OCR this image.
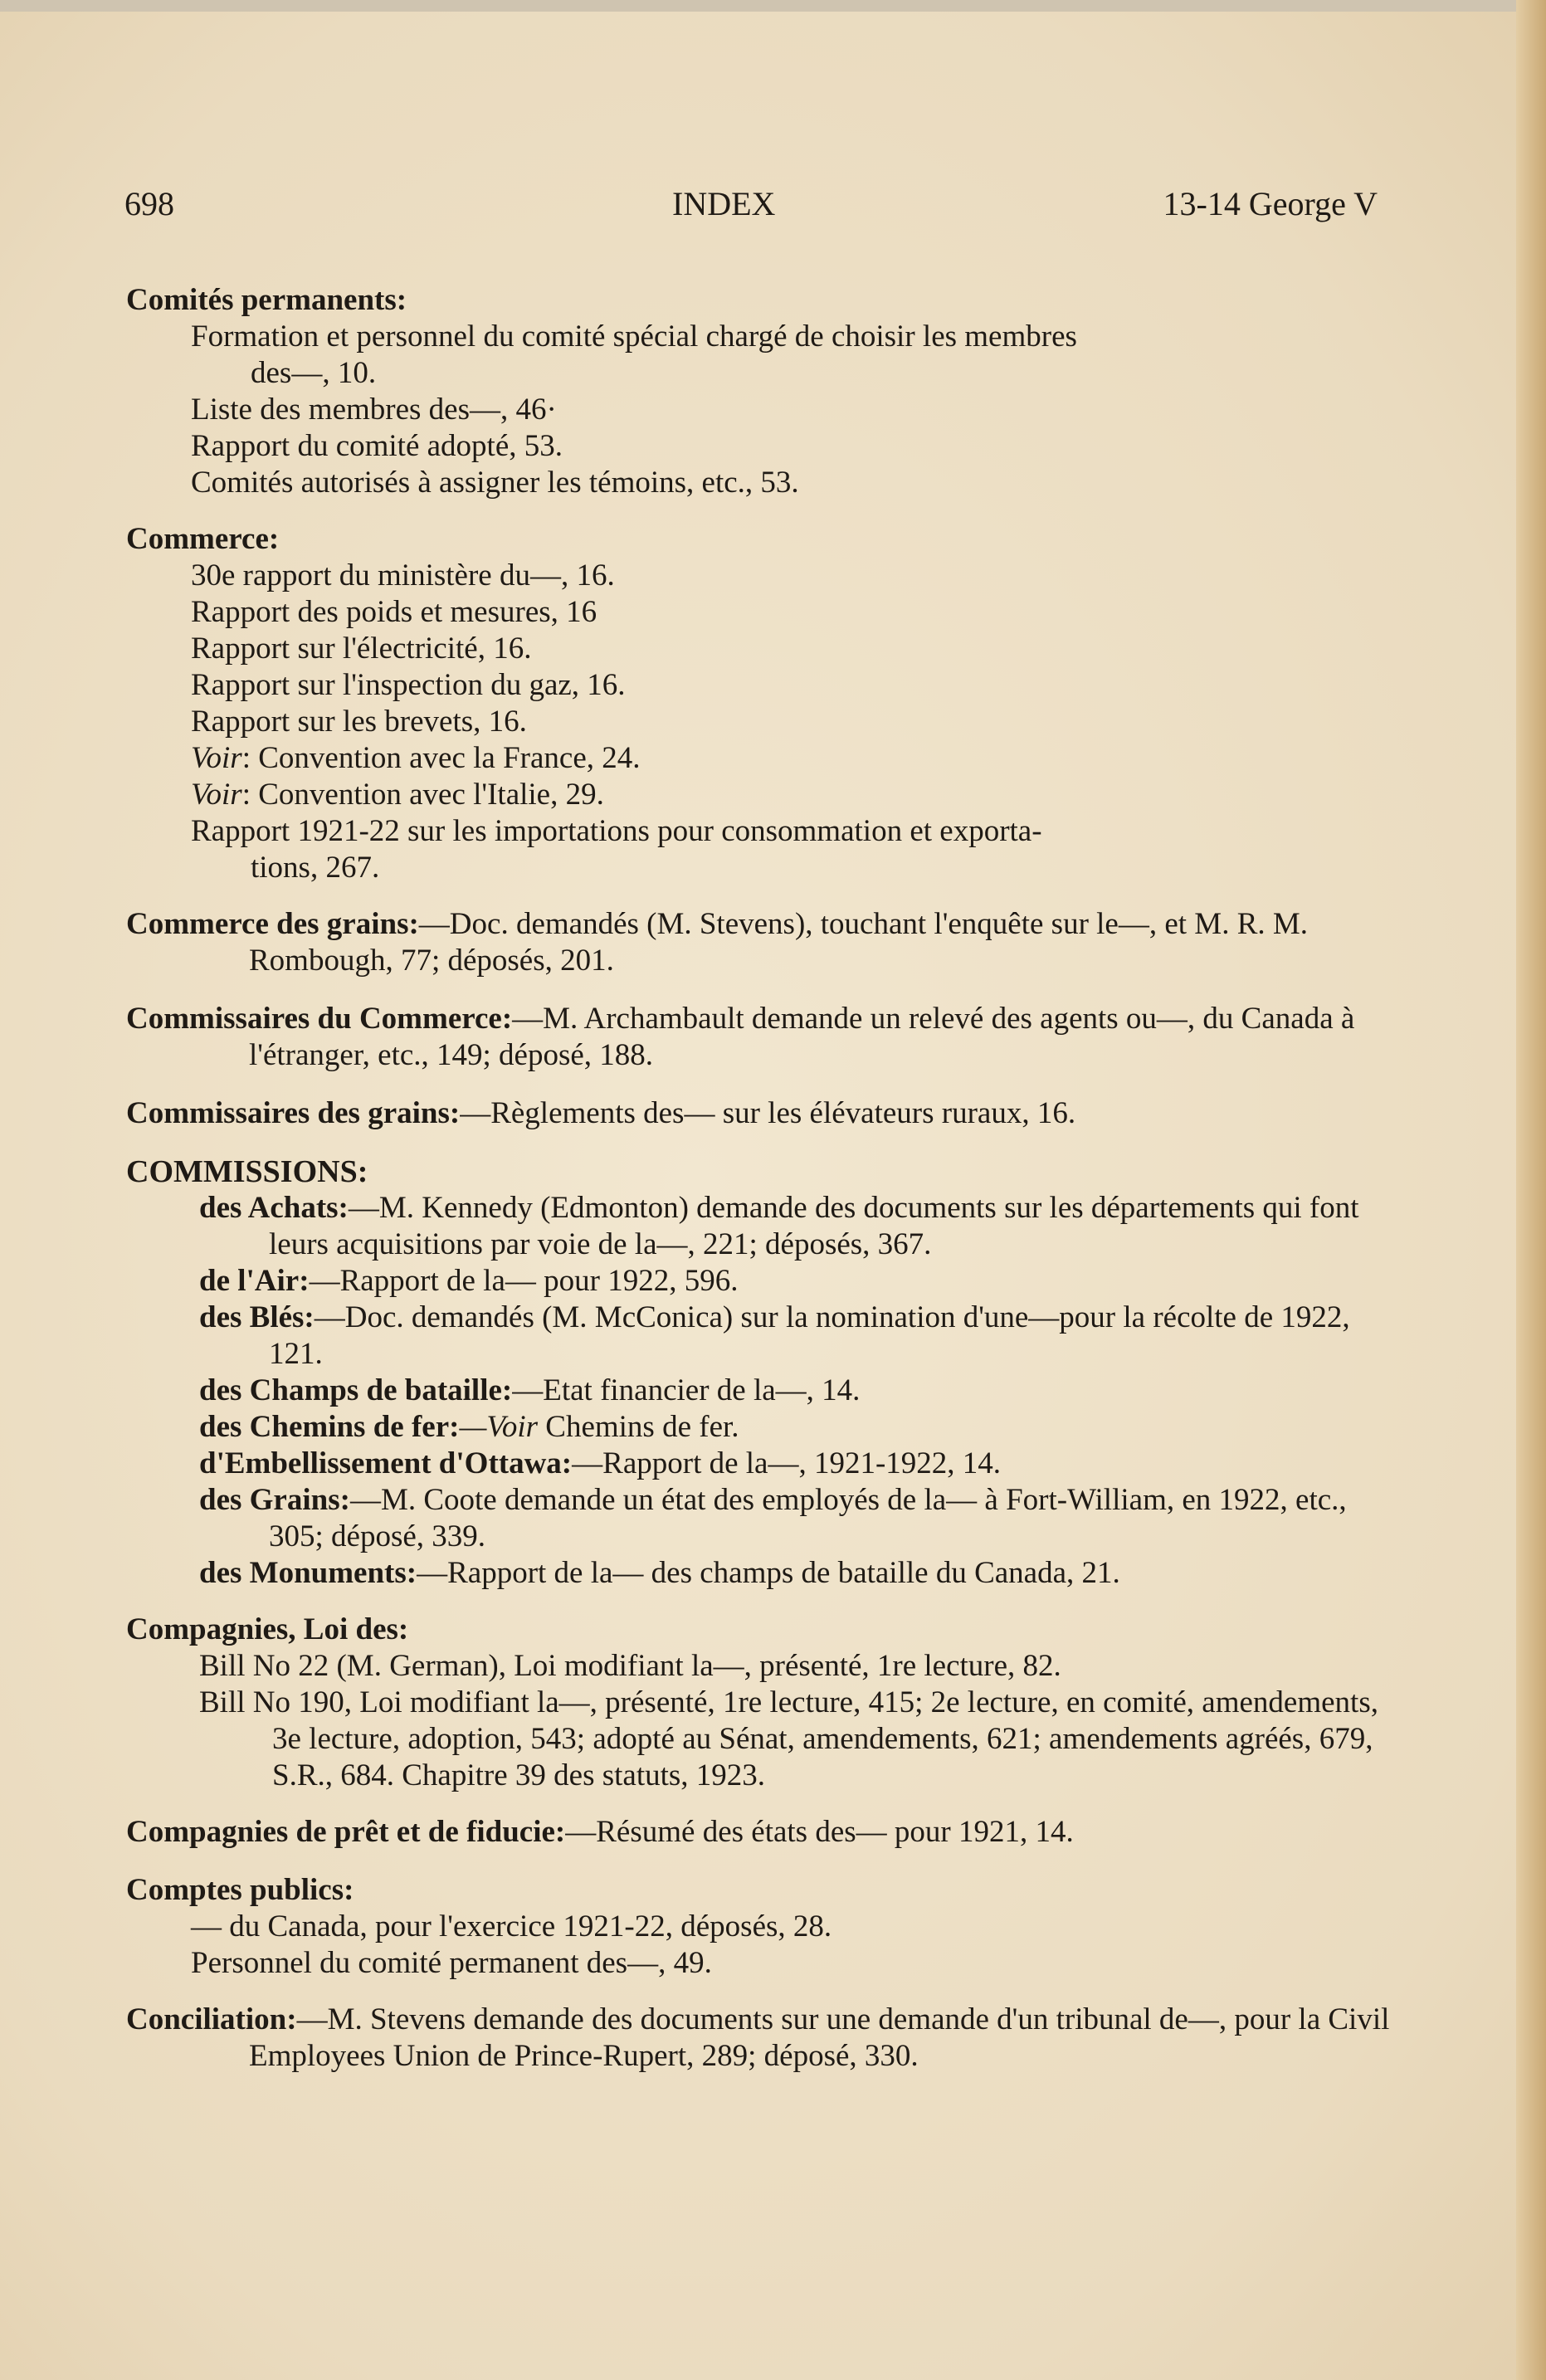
698	INDEX	13-14 George V
Comités permanents:
Formation et personnel du comité spécial chargé de choisir les membres
des—, 10.
Liste des membres des—, 46·
Rapport du comité adopté, 53.
Comités autorisés à assigner les témoins, etc., 53.
Commerce:
30e rapport du ministère du—, 16.
Rapport des poids et mesures, 16
Rapport sur l'électricité, 16.
Rapport sur l'inspection du gaz, 16.
Rapport sur les brevets, 16.
Voir: Convention avec la France, 24.
Voir: Convention avec l'Italie, 29.
Rapport 1921-22 sur les importations pour consommation et exporta-
tions, 267.
Commerce des grains:—Doc. demandés (M. Stevens), touchant l'enquête sur le—, et M. R. M. Rombough, 77; déposés, 201.
Commissaires du Commerce:—M. Archambault demande un relevé des agents ou—, du Canada à l'étranger, etc., 149; déposé, 188.
Commissaires des grains:—Règlements des— sur les élévateurs ruraux, 16.
COMMISSIONS:
des Achats:—M. Kennedy (Edmonton) demande des documents sur les départements qui font leurs acquisitions par voie de la—, 221; déposés, 367.
de l'Air:—Rapport de la— pour 1922, 596.
des Blés:—Doc. demandés (M. McConica) sur la nomination d'une—pour la récolte de 1922, 121.
des Champs de bataille:—Etat financier de la—, 14.
des Chemins de fer:—Voir Chemins de fer.
d'Embellissement d'Ottawa:—Rapport de la—, 1921-1922, 14.
des Grains:—M. Coote demande un état des employés de la— à Fort-William, en 1922, etc., 305; déposé, 339.
des Monuments:—Rapport de la— des champs de bataille du Canada, 21.
Compagnies, Loi des:
Bill No 22 (M. German), Loi modifiant la—, présenté, 1re lecture, 82.
Bill No 190, Loi modifiant la—, présenté, 1re lecture, 415; 2e lecture, en comité, amendements, 3e lecture, adoption, 543; adopté au Sénat, amendements, 621; amendements agréés, 679, S.R., 684. Chapitre 39 des statuts, 1923.
Compagnies de prêt et de fiducie:—Résumé des états des— pour 1921, 14.
Comptes publics:
— du Canada, pour l'exercice 1921-22, déposés, 28.
Personnel du comité permanent des—, 49.
Conciliation:—M. Stevens demande des documents sur une demande d'un tribunal de—, pour la Civil Employees Union de Prince-Rupert, 289; déposé, 330.
